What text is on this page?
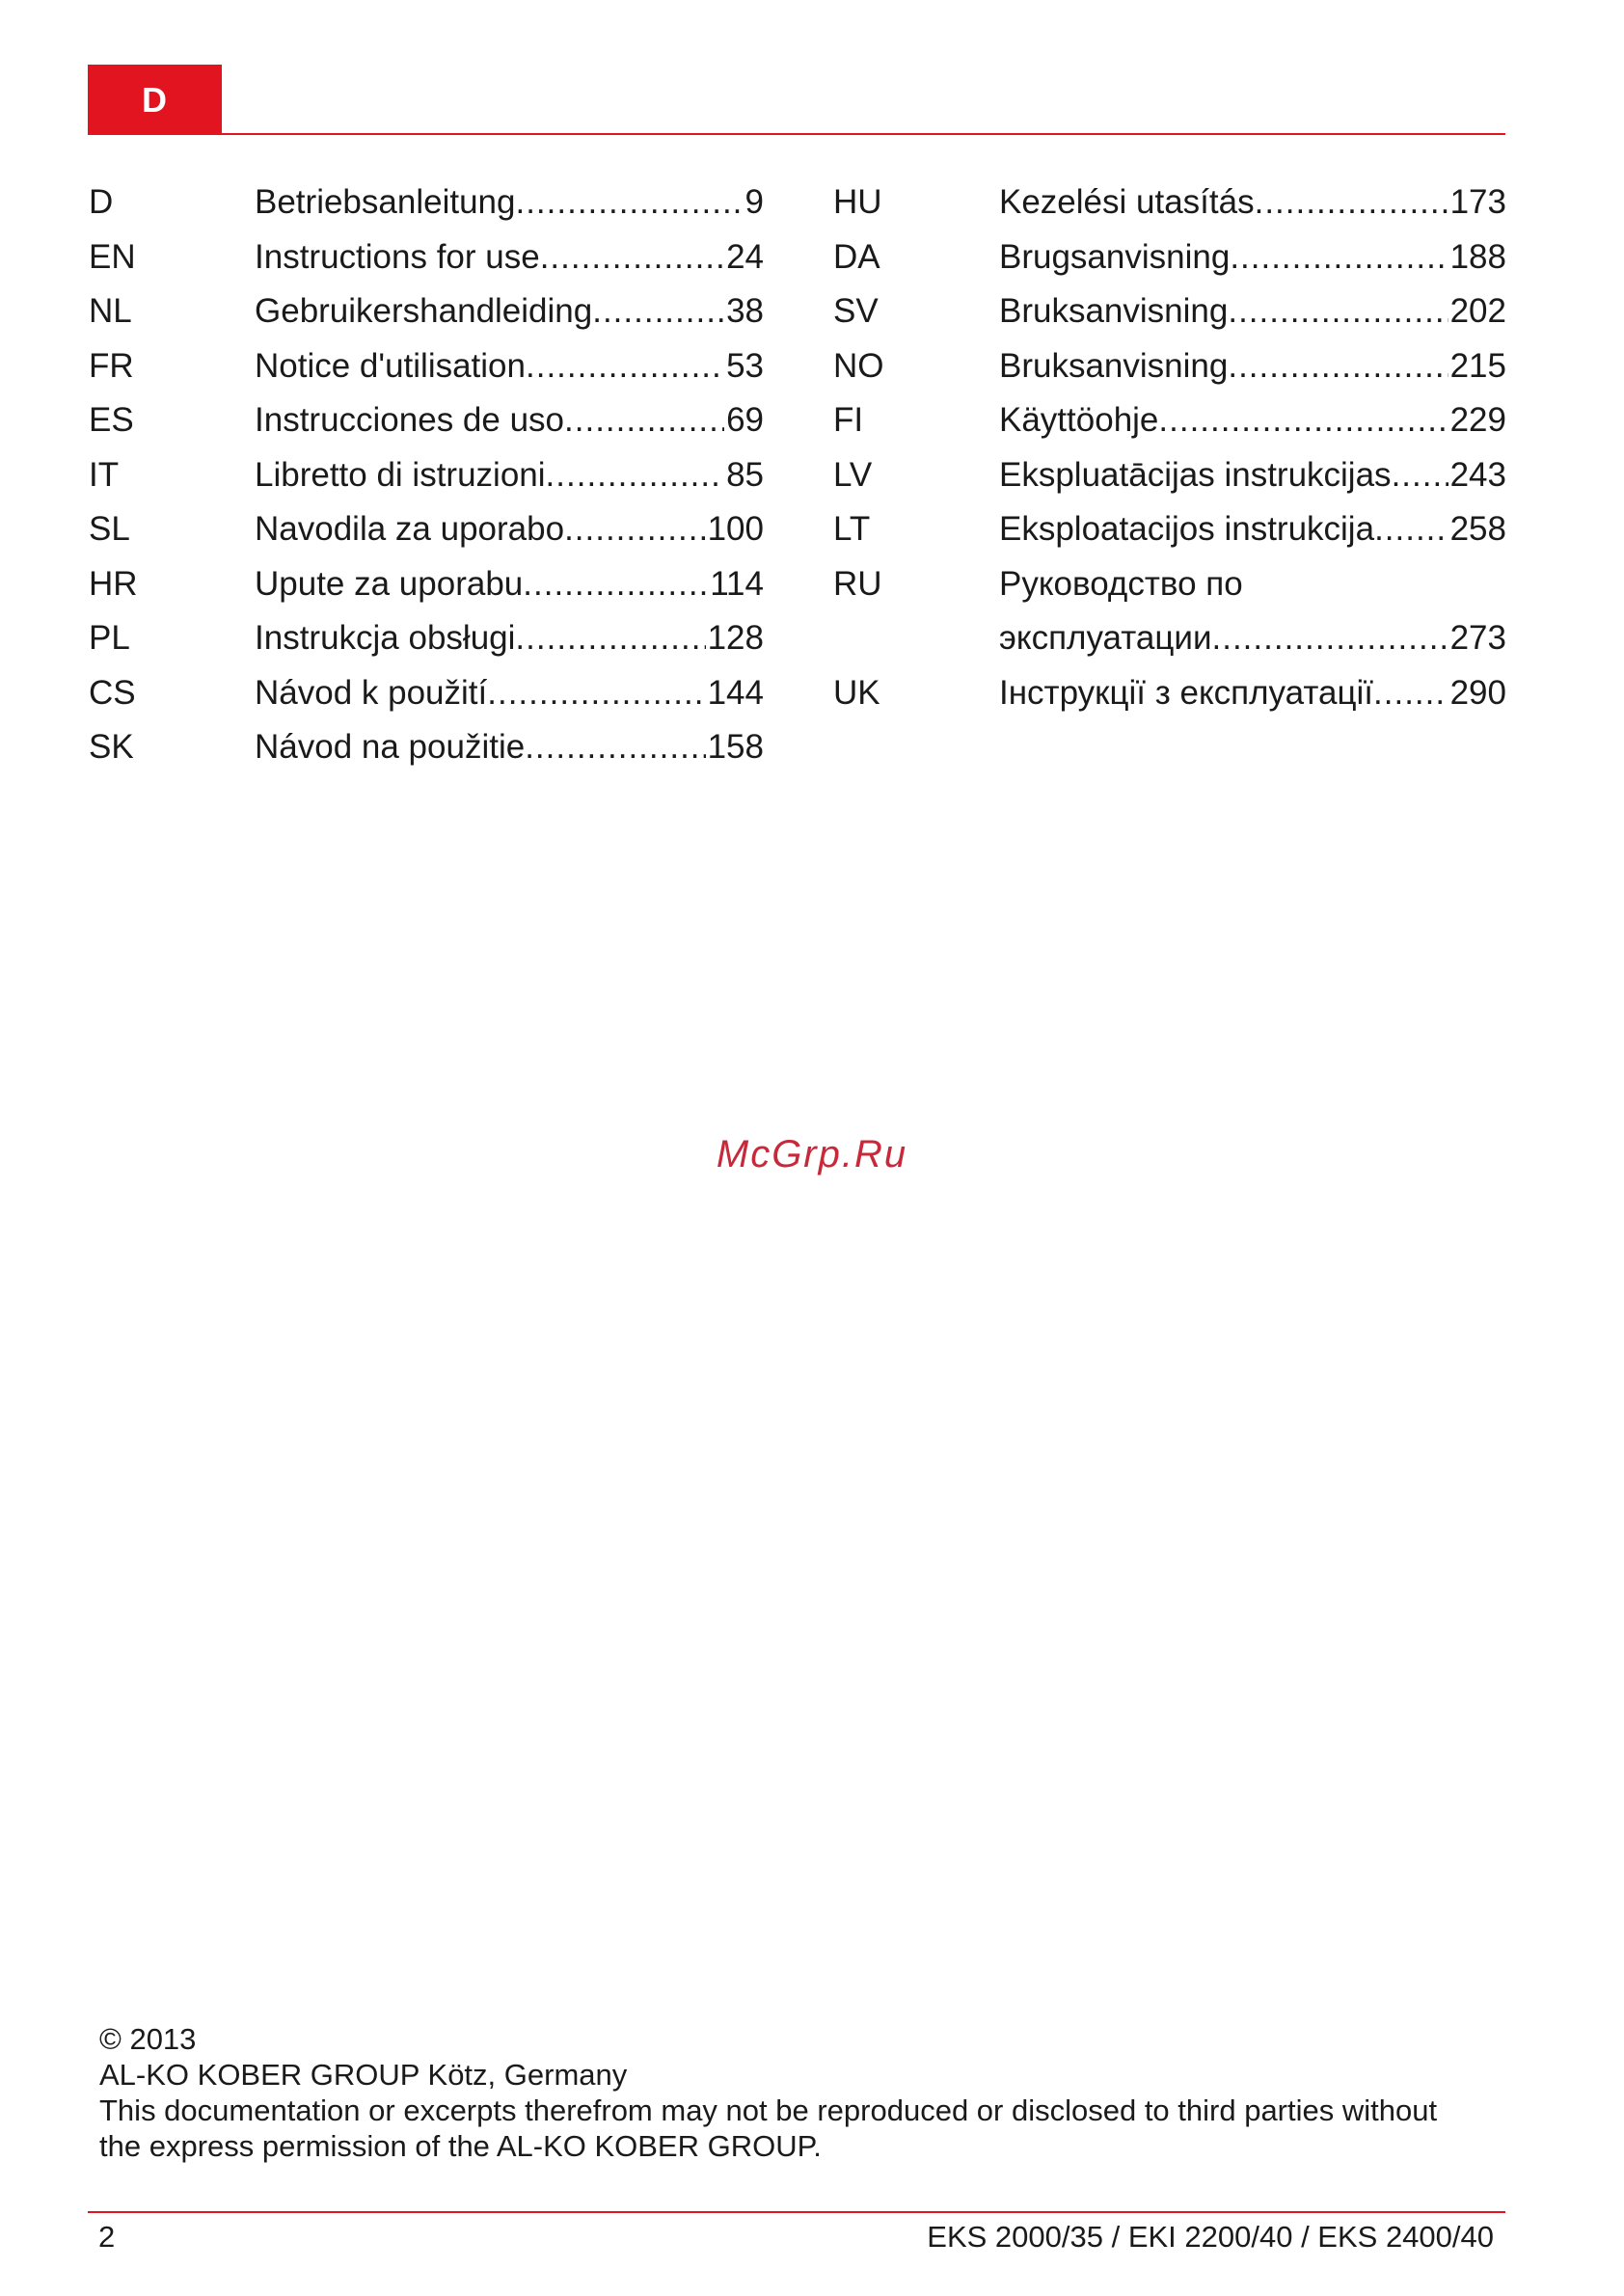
D
D	Betriebsanleitung .....	9
EN	Instructions for use .....	24
NL	Gebruikershandleiding .....	38
FR	Notice d'utilisation .....	53
ES	Instrucciones de uso .....	69
IT	Libretto di istruzioni .....	85
SL	Navodila za uporabo .....	100
HR	Upute za uporabu .....	114
PL	Instrukcja obsługi .....	128
CS	Návod k použití .....	144
SK	Návod na použitie .....	158
HU	Kezelési utasítás .....	173
DA	Brugsanvisning .....	188
SV	Bruksanvisning .....	202
NO	Bruksanvisning .....	215
FI	Käyttöohje .....	229
LV	Ekspluatācijas instrukcijas ..... 243
LT	Eksploatacijos instrukcija ..... 258
RU	Руководство по
эксплуатации .....	273
UK	Інструкції з експлуатації ..... 290
McGrp.Ru
© 2013
AL-KO KOBER GROUP Kötz, Germany
This documentation or excerpts therefrom may not be reproduced or disclosed to third parties without
the express permission of the AL-KO KOBER GROUP.
2	EKS 2000/35 / EKI 2200/40 / EKS 2400/40
